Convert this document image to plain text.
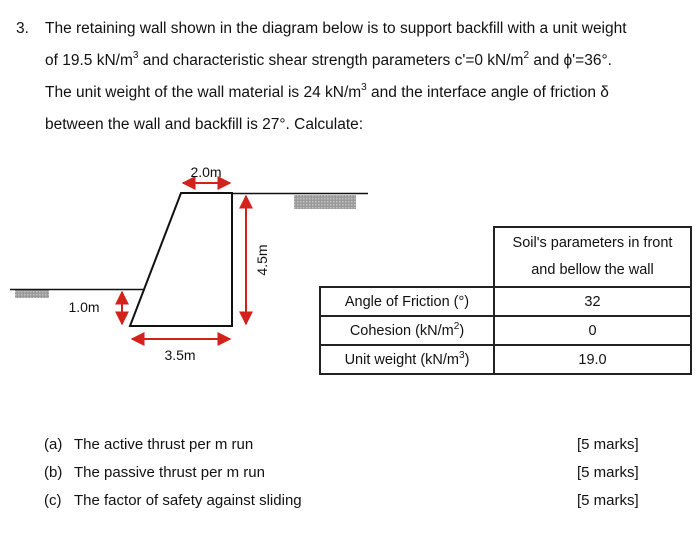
3. The retaining wall shown in the diagram below is to support backfill with a unit weight
of 19.5 $kN/m^3$ and characteristic shear strength parameters c'=0 $kN/m^2$ and ϕ'=36°.
The unit weight of the wall material is 24 $kN/m^3$ and the interface angle of friction δ
between the wall and backfill is 27°. Calculate:
2.0m
4.5m
1.0m
3.5m
	Soil's parameters in front
and bellow the wall
Angle of Friction (°)	32
Cohesion $(kN/m^2)$	0
Unit weight $(kN/m^3)$	19.0
(a) The active thrust per m run	[5 marks]
(b) The passive thrust per m run	[5 marks]
(c) The factor of safety against sliding	[5 marks]
